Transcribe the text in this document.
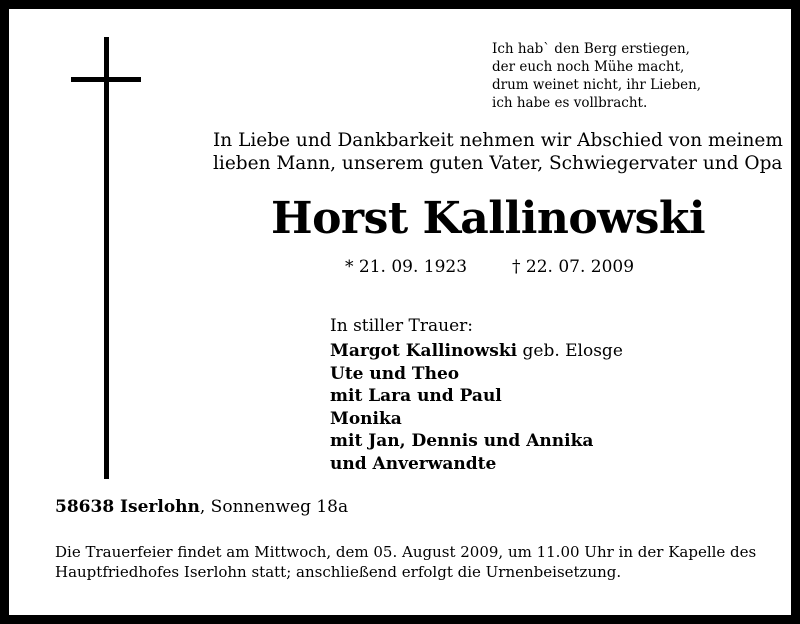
Ich hab` den Berg erstiegen,
der euch noch Mühe macht,
drum weinet nicht, ihr Lieben,
ich habe es vollbracht.
In Liebe und Dankbarkeit nehmen wir Abschied von meinem
lieben Mann, unserem guten Vater, Schwiegervater und Opa
Horst Kallinowski
* 21. 09. 1923	† 22. 07. 2009
In stiller Trauer:
Margot Kallinowski geb. Elosge
Ute und Theo
mit Lara und Paul
Monika
mit Jan, Dennis und Annika
und Anverwandte
58638 Iserlohn, Sonnenweg 18a
Die Trauerfeier findet am Mittwoch, dem 05. August 2009, um 11.00 Uhr in der Kapelle des
Hauptfriedhofes Iserlohn statt; anschließend erfolgt die Urnenbeisetzung.
